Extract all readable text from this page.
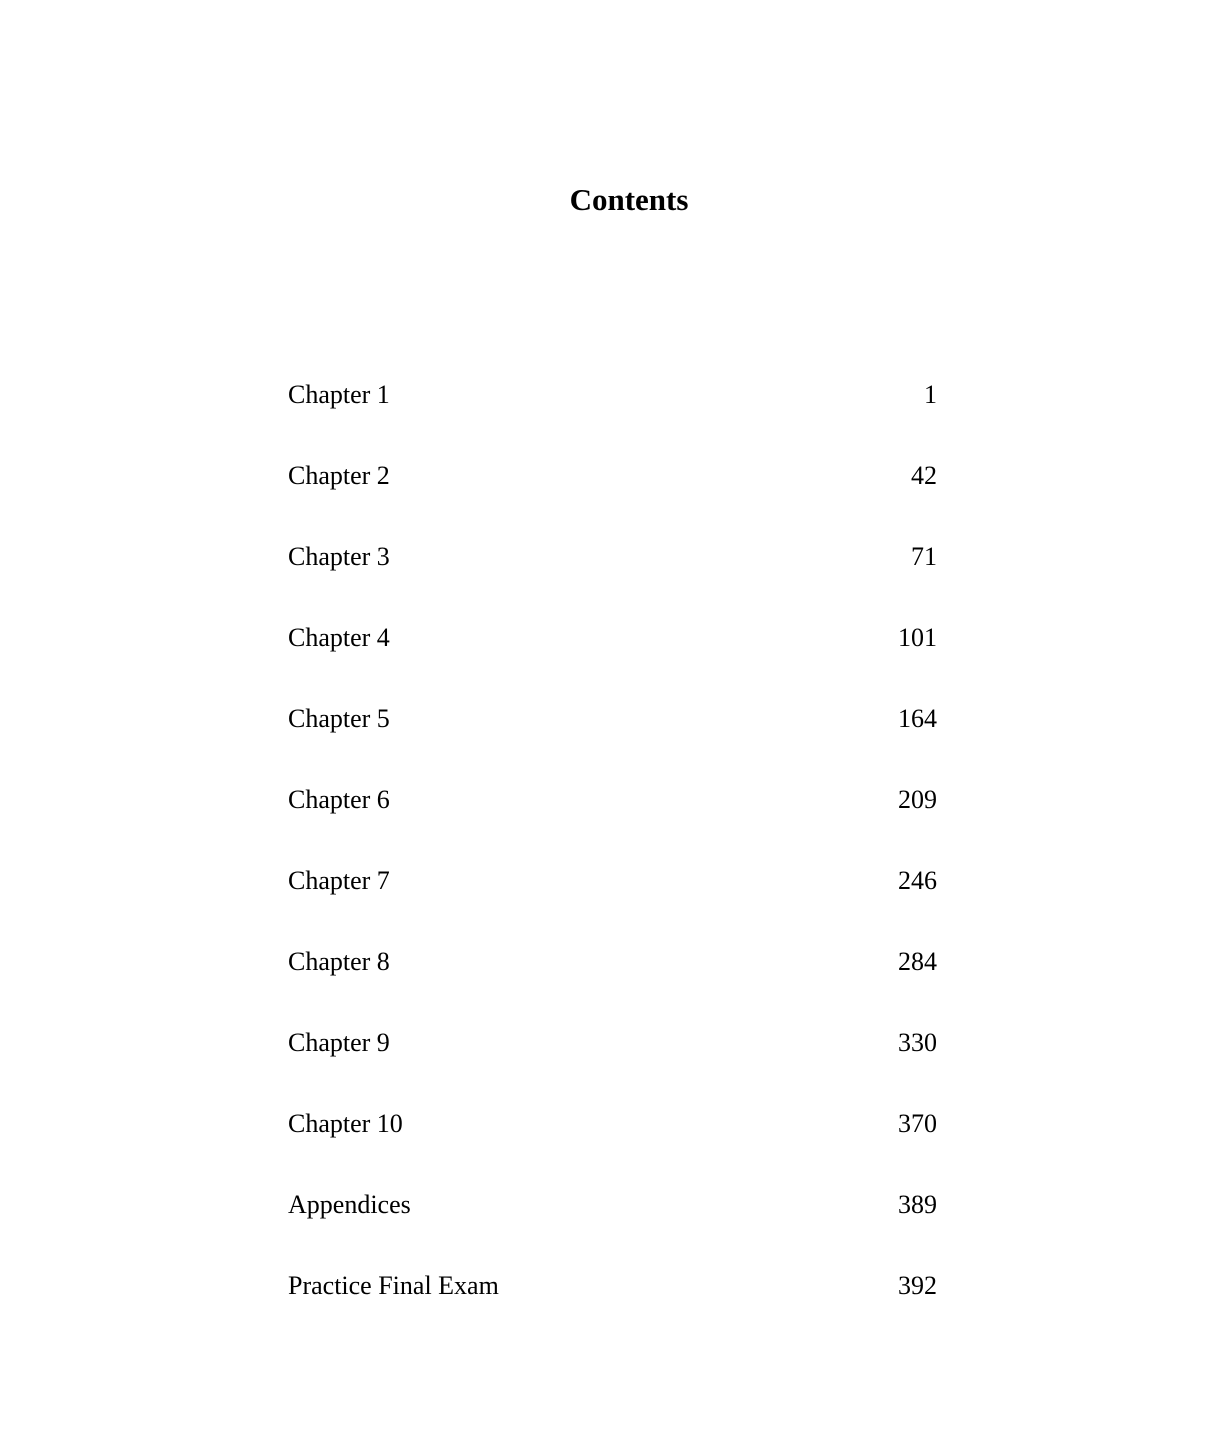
Contents
Chapter 1	1
Chapter 2	42
Chapter 3	71
Chapter 4	101
Chapter 5	164
Chapter 6	209
Chapter 7	246
Chapter 8	284
Chapter 9	330
Chapter 10	370
Appendices	389
Practice Final Exam	392
